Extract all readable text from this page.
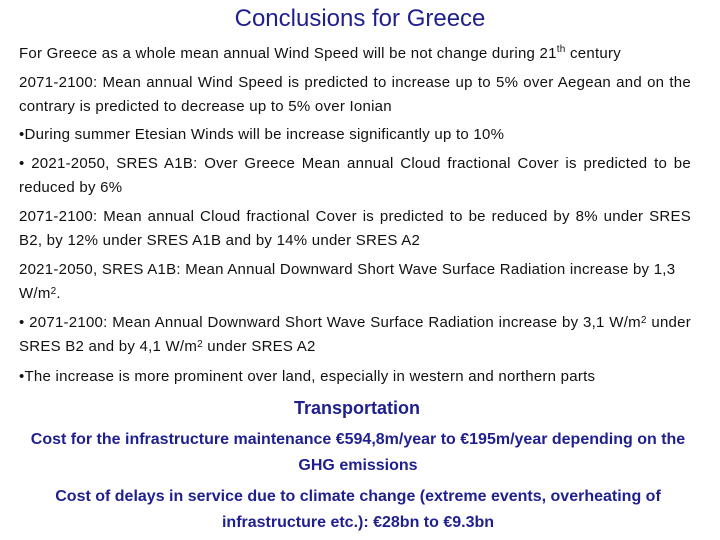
Conclusions for Greece
For Greece as a whole mean annual Wind Speed will be not change during 21th century
2071-2100: Mean annual Wind Speed is predicted to increase up to 5% over Aegean and on the contrary is predicted to decrease up to 5% over Ionian
•During summer Etesian Winds will be increase significantly up to 10%
• 2021-2050, SRES A1B: Over Greece Mean annual Cloud fractional Cover is predicted to be reduced by 6%
2071-2100: Mean annual Cloud fractional Cover is predicted to be reduced by 8% under SRES B2, by 12% under SRES A1B and by 14% under SRES A2
2021-2050, SRES A1B: Mean Annual Downward Short Wave Surface Radiation increase by 1,3 $W/m^2$.
• 2071-2100: Mean Annual Downward Short Wave Surface Radiation increase by 3,1 $W/m^2$ under SRES B2 and by 4,1 $W/m^2$ under SRES A2
•The increase is more prominent over land, especially in western and northern parts
Transportation
Cost for the infrastructure maintenance €594,8m/year to €195m/year depending on the GHG emissions
Cost of delays in service due to climate change (extreme events, overheating of infrastructure etc.): €28bn to €9.3bn
